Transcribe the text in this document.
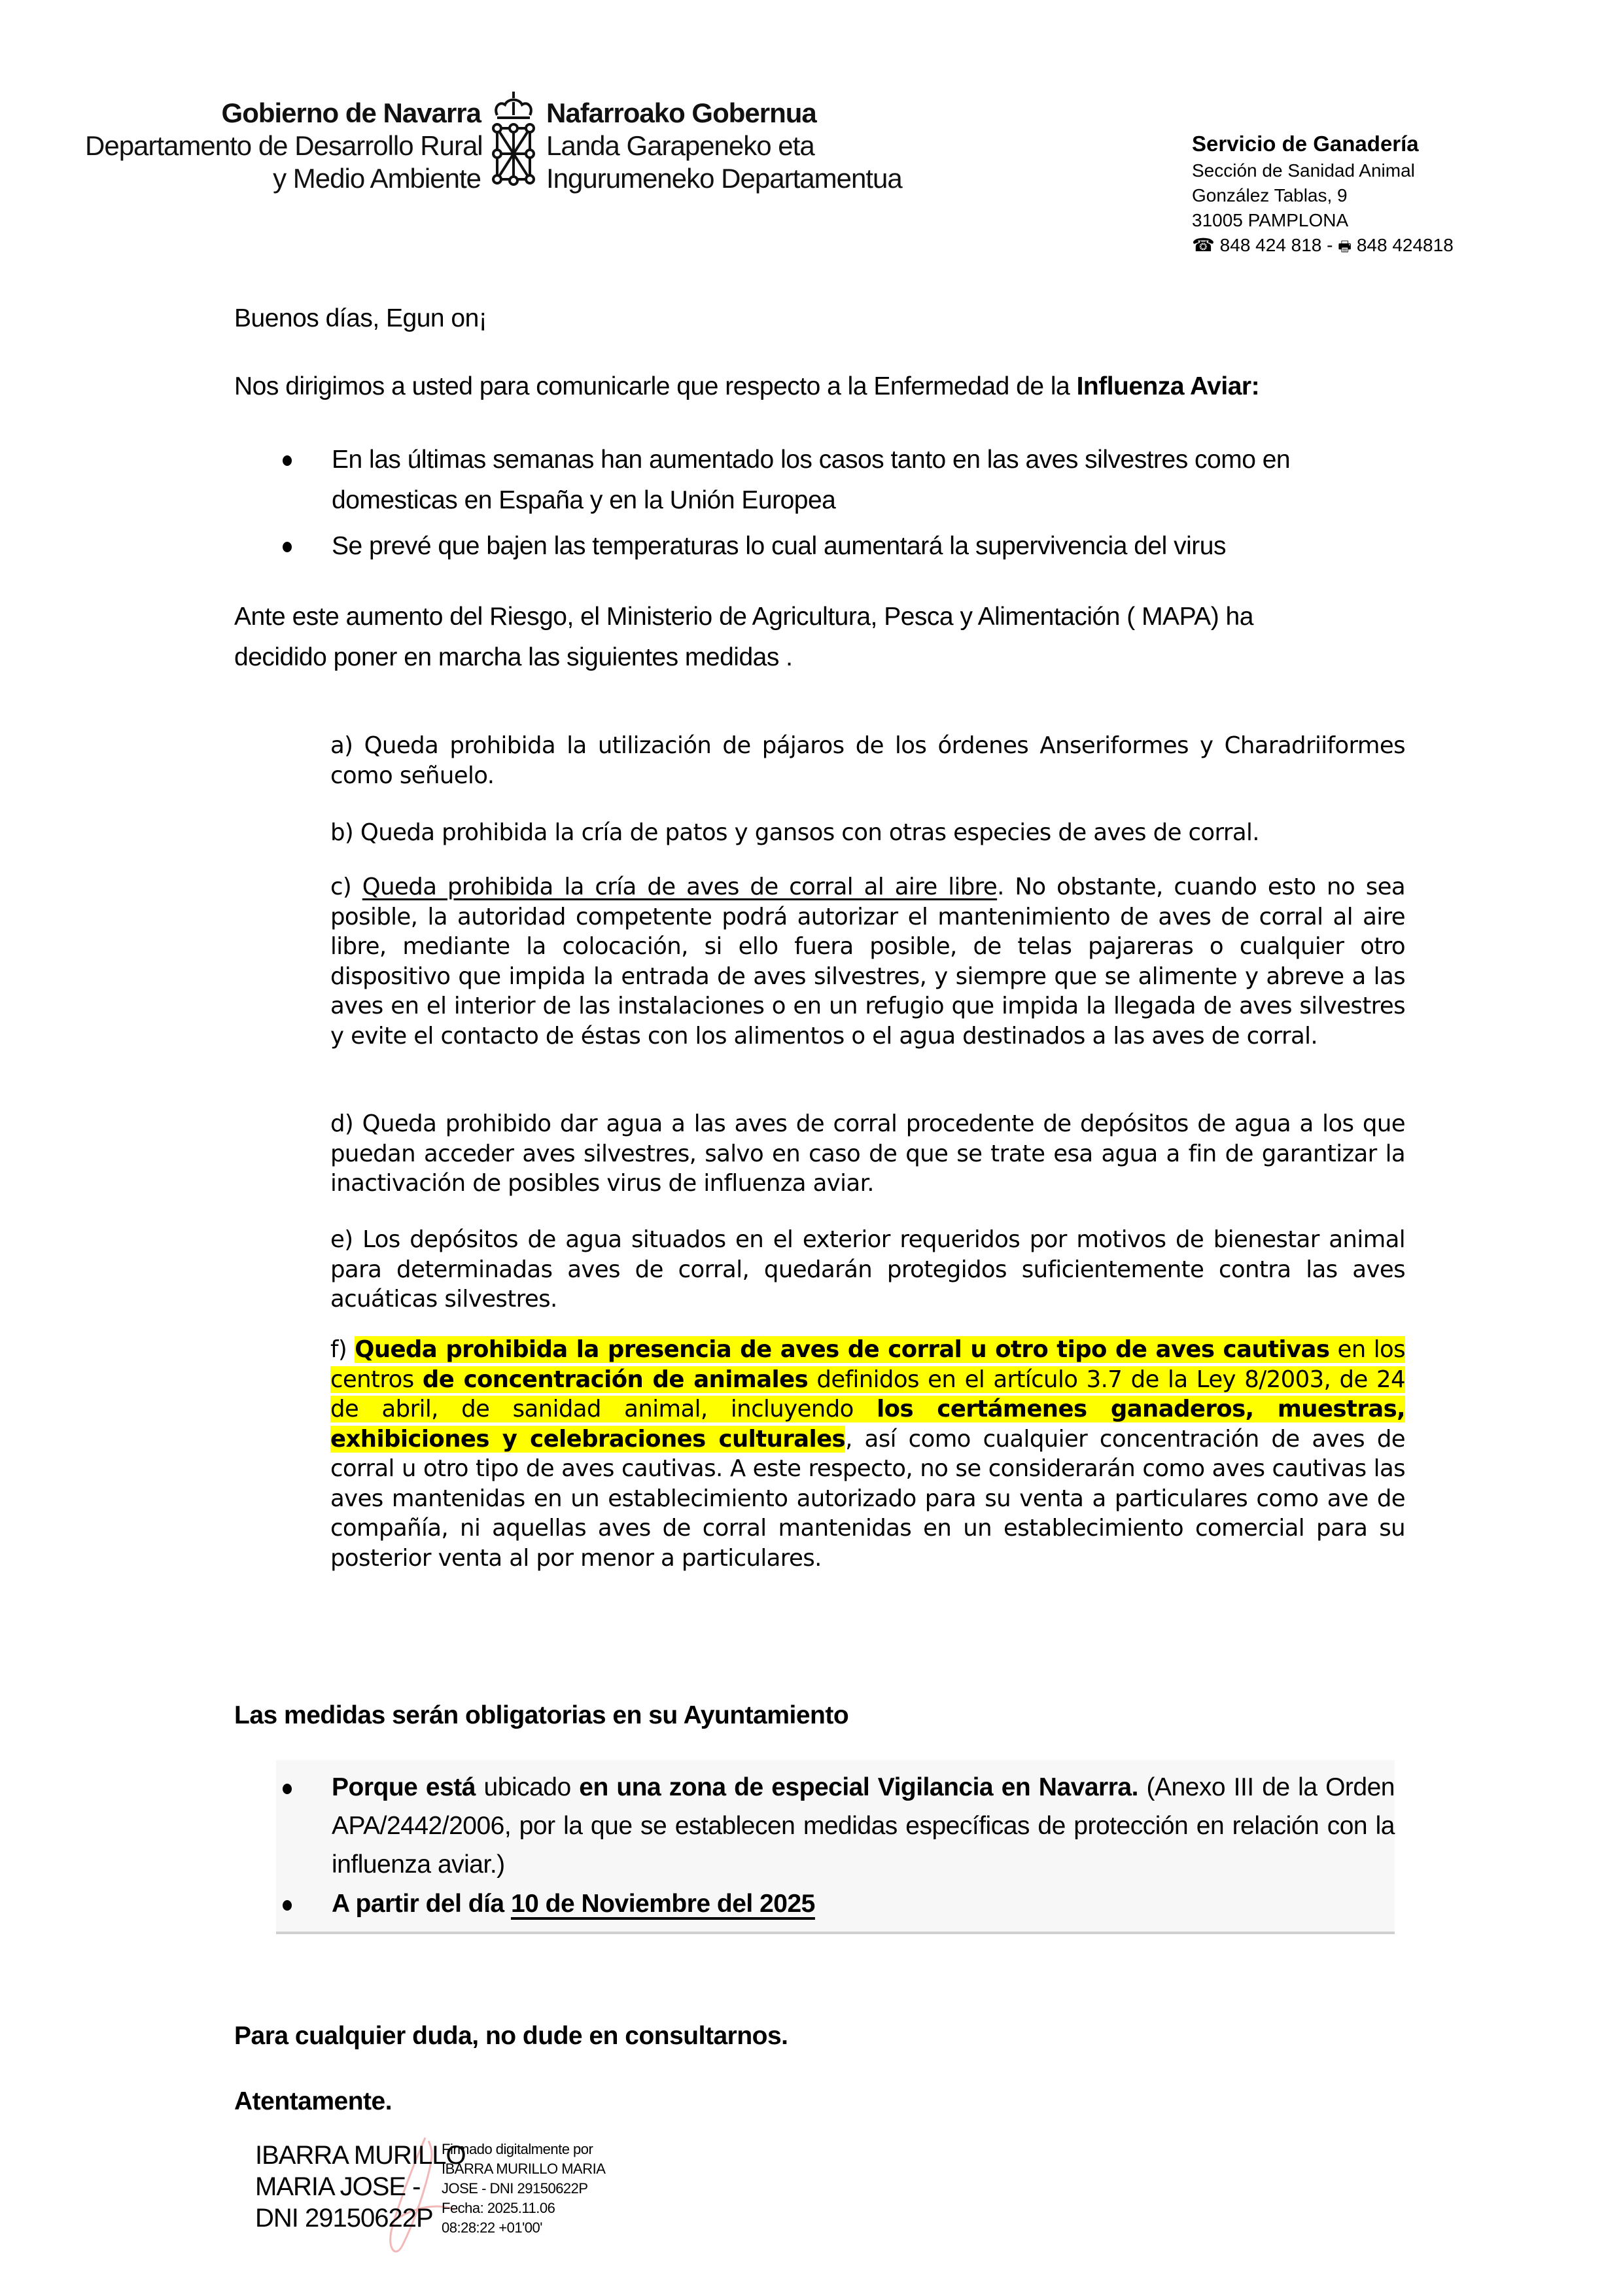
Gobierno de Navarra
Departamento de Desarrollo Rural
y Medio Ambiente
Nafarroako Gobernua
Landa Garapeneko eta
Ingurumeneko Departamentua
Servicio de Ganadería
Sección de Sanidad Animal
González Tablas, 9
31005 PAMPLONA
☎ 848 424 818 - 🖶 848 424818
Buenos días, Egun on¡
Nos dirigimos a usted para comunicarle que respecto a la Enfermedad de la Influenza Aviar:
En las últimas semanas han aumentado los casos tanto en las aves silvestres como en
domesticas en España y en la Unión Europea
Se prevé que bajen las temperaturas lo cual aumentará la supervivencia del virus
Ante este aumento del Riesgo, el Ministerio de Agricultura, Pesca y Alimentación ( MAPA) ha
decidido poner en marcha las siguientes medidas .
a) Queda prohibida la utilización de pájaros de los órdenes Anseriformes y Charadriiformes como señuelo.
b) Queda prohibida la cría de patos y gansos con otras especies de aves de corral.
c) Queda prohibida la cría de aves de corral al aire libre. No obstante, cuando esto no sea posible, la autoridad competente podrá autorizar el mantenimiento de aves de corral al aire libre, mediante la colocación, si ello fuera posible, de telas pajareras o cualquier otro dispositivo que impida la entrada de aves silvestres, y siempre que se alimente y abreve a las aves en el interior de las instalaciones o en un refugio que impida la llegada de aves silvestres y evite el contacto de éstas con los alimentos o el agua destinados a las aves de corral.
d) Queda prohibido dar agua a las aves de corral procedente de depósitos de agua a los que puedan acceder aves silvestres, salvo en caso de que se trate esa agua a fin de garantizar la inactivación de posibles virus de influenza aviar.
e) Los depósitos de agua situados en el exterior requeridos por motivos de bienestar animal para determinadas aves de corral, quedarán protegidos suficientemente contra las aves acuáticas silvestres.
f) Queda prohibida la presencia de aves de corral u otro tipo de aves cautivas en los centros de concentración de animales definidos en el artículo 3.7 de la Ley 8/2003, de 24 de abril, de sanidad animal, incluyendo los certámenes ganaderos, muestras, exhibiciones y celebraciones culturales, así como cualquier concentración de aves de corral u otro tipo de aves cautivas. A este respecto, no se considerarán como aves cautivas las aves mantenidas en un establecimiento autorizado para su venta a particulares como ave de compañía, ni aquellas aves de corral mantenidas en un establecimiento comercial para su posterior venta al por menor a particulares.
Las medidas serán obligatorias en su Ayuntamiento
Porque está ubicado en una zona de especial Vigilancia en Navarra. (Anexo III de la Orden APA/2442/2006, por la que se establecen medidas específicas de protección en relación con la influenza aviar.)
A partir del día 10 de Noviembre del 2025
Para cualquier duda, no dude en consultarnos.
Atentamente.
IBARRA MURILLO
MARIA JOSE -
DNI 29150622P
Firmado digitalmente por
IBARRA MURILLO MARIA
JOSE - DNI 29150622P
Fecha: 2025.11.06
08:28:22 +01'00'
